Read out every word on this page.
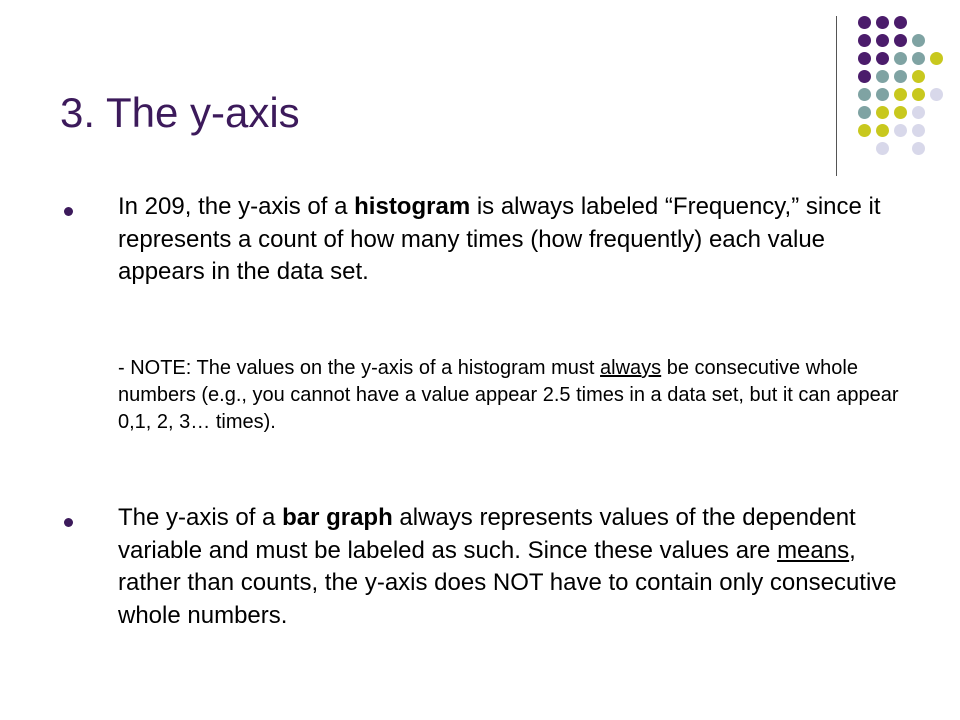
3. The y-axis

In 209, the y-axis of a histogram is always labeled “Frequency,” since it represents a count of how many times (how frequently) each value appears in the data set.

- NOTE: The values on the y-axis of a histogram must always be consecutive whole numbers (e.g., you cannot have a value appear 2.5 times in a data set, but it can appear 0,1, 2, 3… times).

The y-axis of a bar graph always represents values of the dependent variable and must be labeled as such. Since these values are means, rather than counts, the y-axis does NOT have to contain only consecutive whole numbers.
